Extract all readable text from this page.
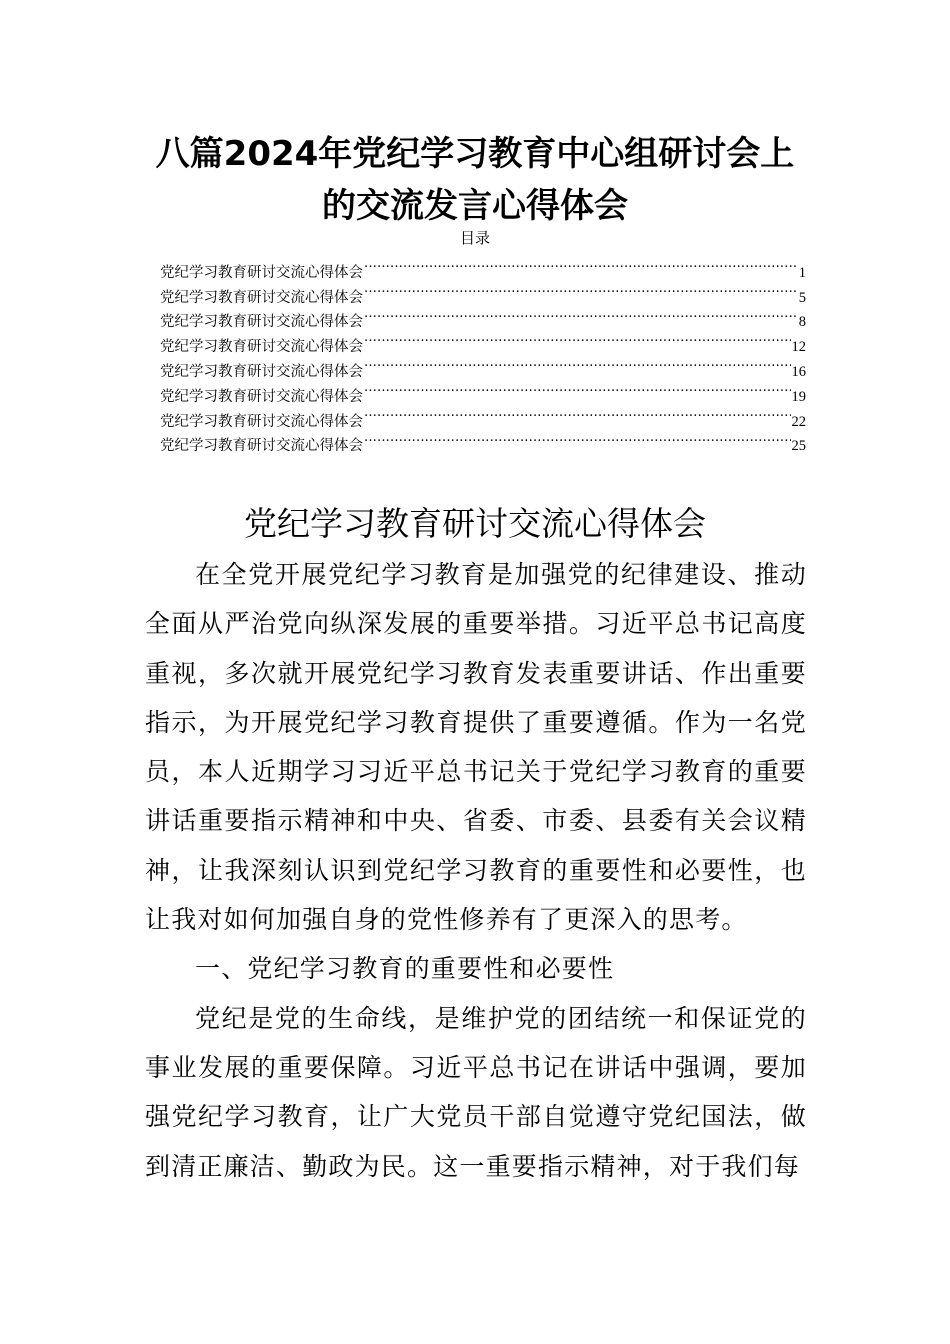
八篇2024年党纪学习教育中心组研讨会上
的交流发言心得体会
目录
党纪学习教育研讨交流心得体会 .....	1
党纪学习教育研讨交流心得体会 .....	5
党纪学习教育研讨交流心得体会 .....	8
党纪学习教育研讨交流心得体会 .....	12
党纪学习教育研讨交流心得体会 .....	16
党纪学习教育研讨交流心得体会 .....	19
党纪学习教育研讨交流心得体会 .....	22
党纪学习教育研讨交流心得体会 .....	25
党纪学习教育研讨交流心得体会

在全党开展党纪学习教育是加强党的纪律建设、推动全面从严治党向纵深发展的重要举措。习近平总书记高度重视，多次就开展党纪学习教育发表重要讲话、作出重要指示，为开展党纪学习教育提供了重要遵循。作为一名党员，本人近期学习习近平总书记关于党纪学习教育的重要讲话重要指示精神和中央、省委、市委、县委有关会议精神，让我深刻认识到党纪学习教育的重要性和必要性，也让我对如何加强自身的党性修养有了更深入的思考。

一、党纪学习教育的重要性和必要性

党纪是党的生命线，是维护党的团结统一和保证党的事业发展的重要保障。习近平总书记在讲话中强调，要加强党纪学习教育，让广大党员干部自觉遵守党纪国法，做到清正廉洁、勤政为民。这一重要指示精神，对于我们每
